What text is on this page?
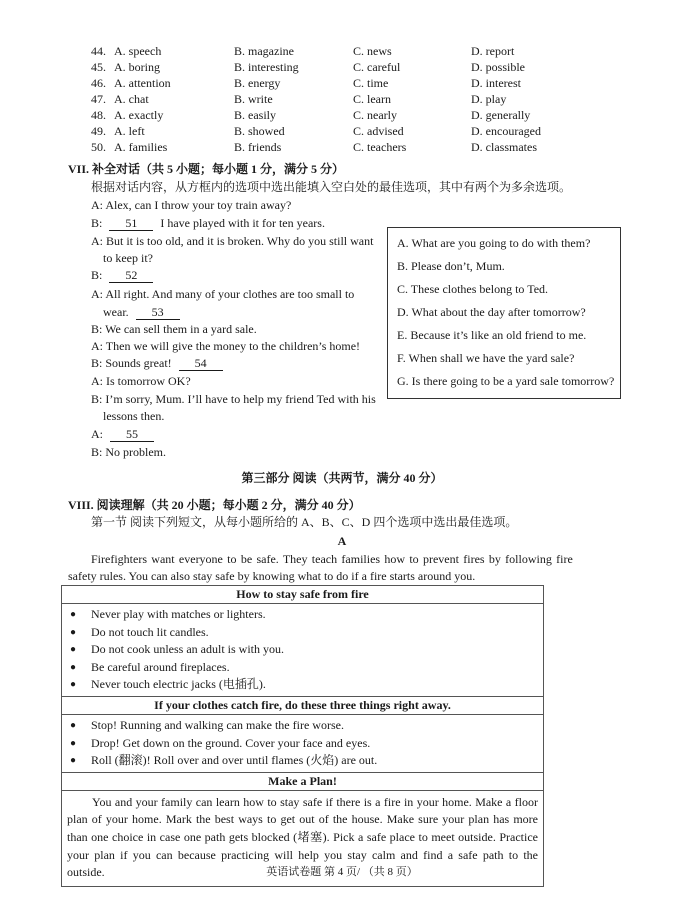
44. A. speech	B. magazine	C. news	D. report
45. A. boring	B. interesting	C. careful	D. possible
46. A. attention	B. energy	C. time	D. interest
47. A. chat	B. write	C. learn	D. play
48. A. exactly	B. easily	C. nearly	D. generally
49. A. left	B. showed	C. advised	D. encouraged
50. A. families	B. friends	C. teachers	D. classmates
VII. 补全对话（共 5 小题；每小题 1 分，满分 5 分）
根据对话内容，从方框内的选项中选出能填入空白处的最佳选项，其中有两个为多余选项。
A: Alex, can I throw your toy train away?
B: 51 I have played with it for ten years.
A: But it is too old, and it is broken. Why do you still want
to keep it?
B: 52
A: All right. And many of your clothes are too small to
wear. 53
B: We can sell them in a yard sale.
A: Then we will give the money to the children’s home!
B: Sounds great! 54
A: Is tomorrow OK?
B: I’m sorry, Mum. I’ll have to help my friend Ted with his
lessons then.
A: 55
B: No problem.
A. What are you going to do with them?
B. Please don’t, Mum.
C. These clothes belong to Ted.
D. What about the day after tomorrow?
E. Because it’s like an old friend to me.
F. When shall we have the yard sale?
G. Is there going to be a yard sale tomorrow?
第三部分 阅读（共两节，满分 40 分）
VIII. 阅读理解（共 20 小题；每小题 2 分，满分 40 分）
第一节 阅读下列短文，从每小题所给的 A、B、C、D 四个选项中选出最佳选项。
A
Firefighters want everyone to be safe. They teach families how to prevent fires by following fire
safety rules. You can also stay safe by knowing what to do if a fire starts around you.
How to stay safe from fire

● Never play with matches or lighters.
● Do not touch lit candles.
● Do not cook unless an adult is with you.
● Be careful around fireplaces.
● Never touch electric jacks (电插孔).

If your clothes catch fire, do these three things right away.

● Stop! Running and walking can make the fire worse.
● Drop! Get down on the ground. Cover your face and eyes.
● Roll (翻滚)! Roll over and over until flames (火焰) are out.

Make a Plan!

You and your family can learn how to stay safe if there is a fire in your home. Make a floor plan of your home. Mark the best ways to get out of the house. Make sure your plan has more than one choice in case one path gets blocked (堵塞). Pick a safe place to meet outside. Practice your plan if you can because practicing will help you stay calm and find a safe path to the outside.	英语试卷题 第 4 页/ （共 8 页）
